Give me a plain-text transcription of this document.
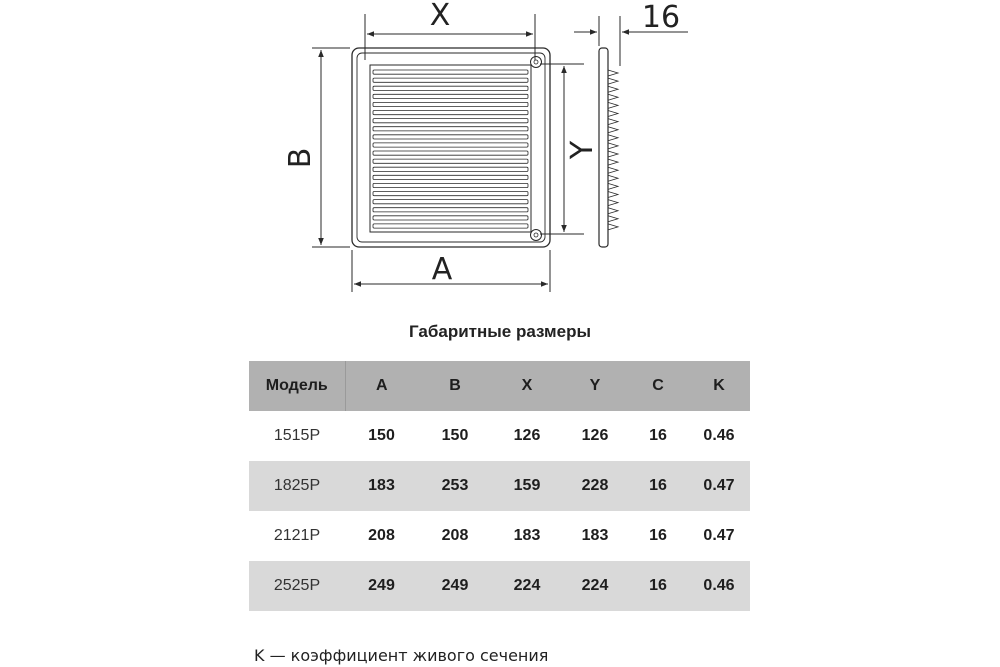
X
A
B	Y
16
Габаритные размеры
Модель	A	B	X	Y	C	K
1515P	150	150	126	126	16	0.46
1825P	183	253	159	228	16	0.47
2121P	208	208	183	183	16	0.47
2525P	249	249	224	224	16	0.46
K — коэффициент живого сечения
